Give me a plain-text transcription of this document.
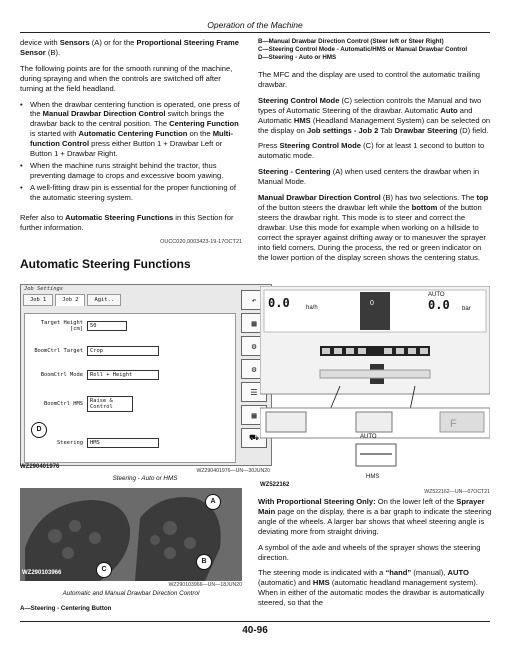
Operation of the Machine

device with Sensors (A) or for the Proportional Steering Frame Sensor (B).

The following points are for the smooth running of the machine, during spraying and when the controls are switched off after turning at the field headland.

• When the drawbar centering function is operated, one press of the Manual Drawbar Direction Control switch brings the drawbar back to the central position. The Centering Function is started with Automatic Centering Function on the Multi-function Control press either Button 1 + Drawbar Left or Button 1 + Drawbar Right.
• When the machine runs straight behind the tractor, thus preventing damage to crops and excessive boom yawing.
• A well-fitting draw pin is essential for the proper functioning of the automatic steering system.

Refer also to Automatic Steering Functions in this Section for further information.

OUCC020,0003423-19-17OCT21
Automatic Steering Functions
Job Settings
Job 1	Job 2	Agit..
Target Height [cm]	50
BoomCtrl Target	Crop
BoomCtrl Mode	Roll + Height
BoomCtrl HMS	Raise & Control
Steering	HMS
D
↶
▦
⚙
⚙
☰
▦
⛟
WZ290401976
WZ290401976—UN—30JUN20
Steering - Auto or HMS
A
B
C
WZ290103966
WZ290103966—UN—18JUN20
Automatic and Manual Drawbar Direction Control
A—Steering - Centering Button
B—Manual Drawbar Direction Control (Steer left or Steer Right)
C—Steering Control Mode - Automatic/HMS or Manual Drawbar Control
D—Steering - Auto or HMS

The MFC and the display are used to control the automatic trailing drawbar.

Steering Control Mode (C) selection controls the Manual and two types of Automatic Steering of the drawbar. Automatic Auto and Automatic HMS (Headland Management System) can be selected on the display on Job settings - Job 2 Tab Drawbar Steering (D) field.

Press Steering Control Mode (C) for at least 1 second to button to automatic mode.

Steering - Centering (A) when used centers the drawbar when in Manual Mode.

Manual Drawbar Direction Control (B) has two selections. The top of the button steers the drawbar left while the bottom of the button steers the drawbar right. This mode is to steer and correct the drawbar. Use this mode for example when working on a hillside to correct the sprayer against drifting away or to maneuver the sprayer into field corners. During the process, the red or green indicator on the lower portion of the display screen shows the centering status.

0.0	ha/h
0
AUTO
0.0 bar
F
AUTO
HMS
WZ522162
WZ522162—UN—07OCT21

With Proportional Steering Only: On the lower left of the Sprayer Main page on the display, there is a bar graph to indicate the steering angle of the wheels. A larger bar shows that wheel steering angle is deviating more from straight driving.

A symbol of the axle and wheels of the sprayer shows the steering direction.

The steering mode is indicated with a “hand” (manual), AUTO (automatic) and HMS (automatic headland management system). When in either of the automatic modes the drawbar is automatically steered, so that the

40-96
